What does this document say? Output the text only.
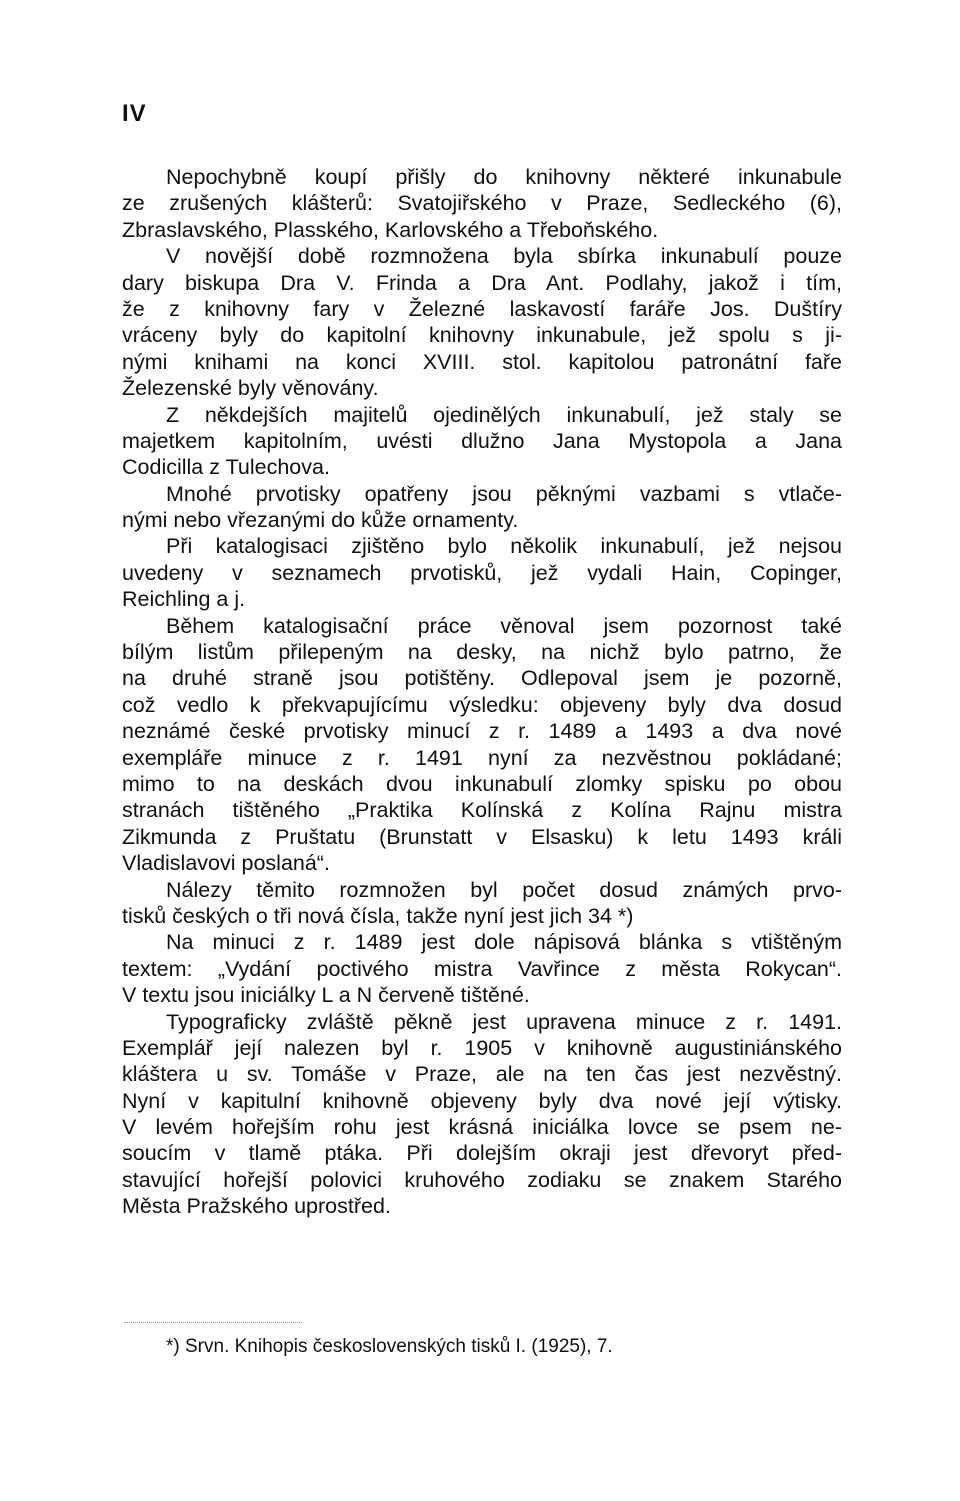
IV
Nepochybně koupí přišly do knihovny některé inkunabule
ze zrušených klášterů: Svatojiřského v Praze, Sedleckého (6),
Zbraslavského, Plasského, Karlovského a Třeboňského.
V novější době rozmnožena byla sbírka inkunabulí pouze
dary biskupa Dra V. Frinda a Dra Ant. Podlahy, jakož i tím,
že z knihovny fary v Železné laskavostí faráře Jos. Duštíry
vráceny byly do kapitolní knihovny inkunabule, jež spolu s ji-
nými knihami na konci XVIII. stol. kapitolou patronátní faře
Železenské byly věnovány.
Z někdejších majitelů ojedinělých inkunabulí, jež staly se
majetkem kapitolním, uvésti dlužno Jana Mystopola a Jana
Codicilla z Tulechova.
Mnohé prvotisky opatřeny jsou pěknými vazbami s vtlače-
nými nebo vřezanými do kůže ornamenty.
Při katalogisaci zjištěno bylo několik inkunabulí, jež nejsou
uvedeny v seznamech prvotisků, jež vydali Hain, Copinger,
Reichling a j.
Během katalogisační práce věnoval jsem pozornost také
bílým listům přilepeným na desky, na nichž bylo patrno, že
na druhé straně jsou potištěny. Odlepoval jsem je pozorně,
což vedlo k překvapujícímu výsledku: objeveny byly dva dosud
neznámé české prvotisky minucí z r. 1489 a 1493 a dva nové
exempláře minuce z r. 1491 nyní za nezvěstnou pokládané;
mimo to na deskách dvou inkunabulí zlomky spisku po obou
stranách tištěného „Praktika Kolínská z Kolína Rajnu mistra
Zikmunda z Pruštatu (Brunstatt v Elsasku) k letu 1493 králi
Vladislavovi poslaná“.
Nálezy těmito rozmnožen byl počet dosud známých prvo-
tisků českých o tři nová čísla, takže nyní jest jich 34 *)
Na minuci z r. 1489 jest dole nápisová blánka s vtištěným
textem: „Vydání poctivého mistra Vavřince z města Rokycan“.
V textu jsou iniciálky L a N červeně tištěné.
Typograficky zvláště pěkně jest upravena minuce z r. 1491.
Exemplář její nalezen byl r. 1905 v knihovně augustiniánského
kláštera u sv. Tomáše v Praze, ale na ten čas jest nezvěstný.
Nyní v kapitulní knihovně objeveny byly dva nové její výtisky.
V levém hořejším rohu jest krásná iniciálka lovce se psem ne-
soucím v tlamě ptáka. Při dolejším okraji jest dřevoryt před-
stavující hořejší polovici kruhového zodiaku se znakem Starého
Města Pražského uprostřed.
*) Srvn. Knihopis československých tisků I. (1925), 7.
